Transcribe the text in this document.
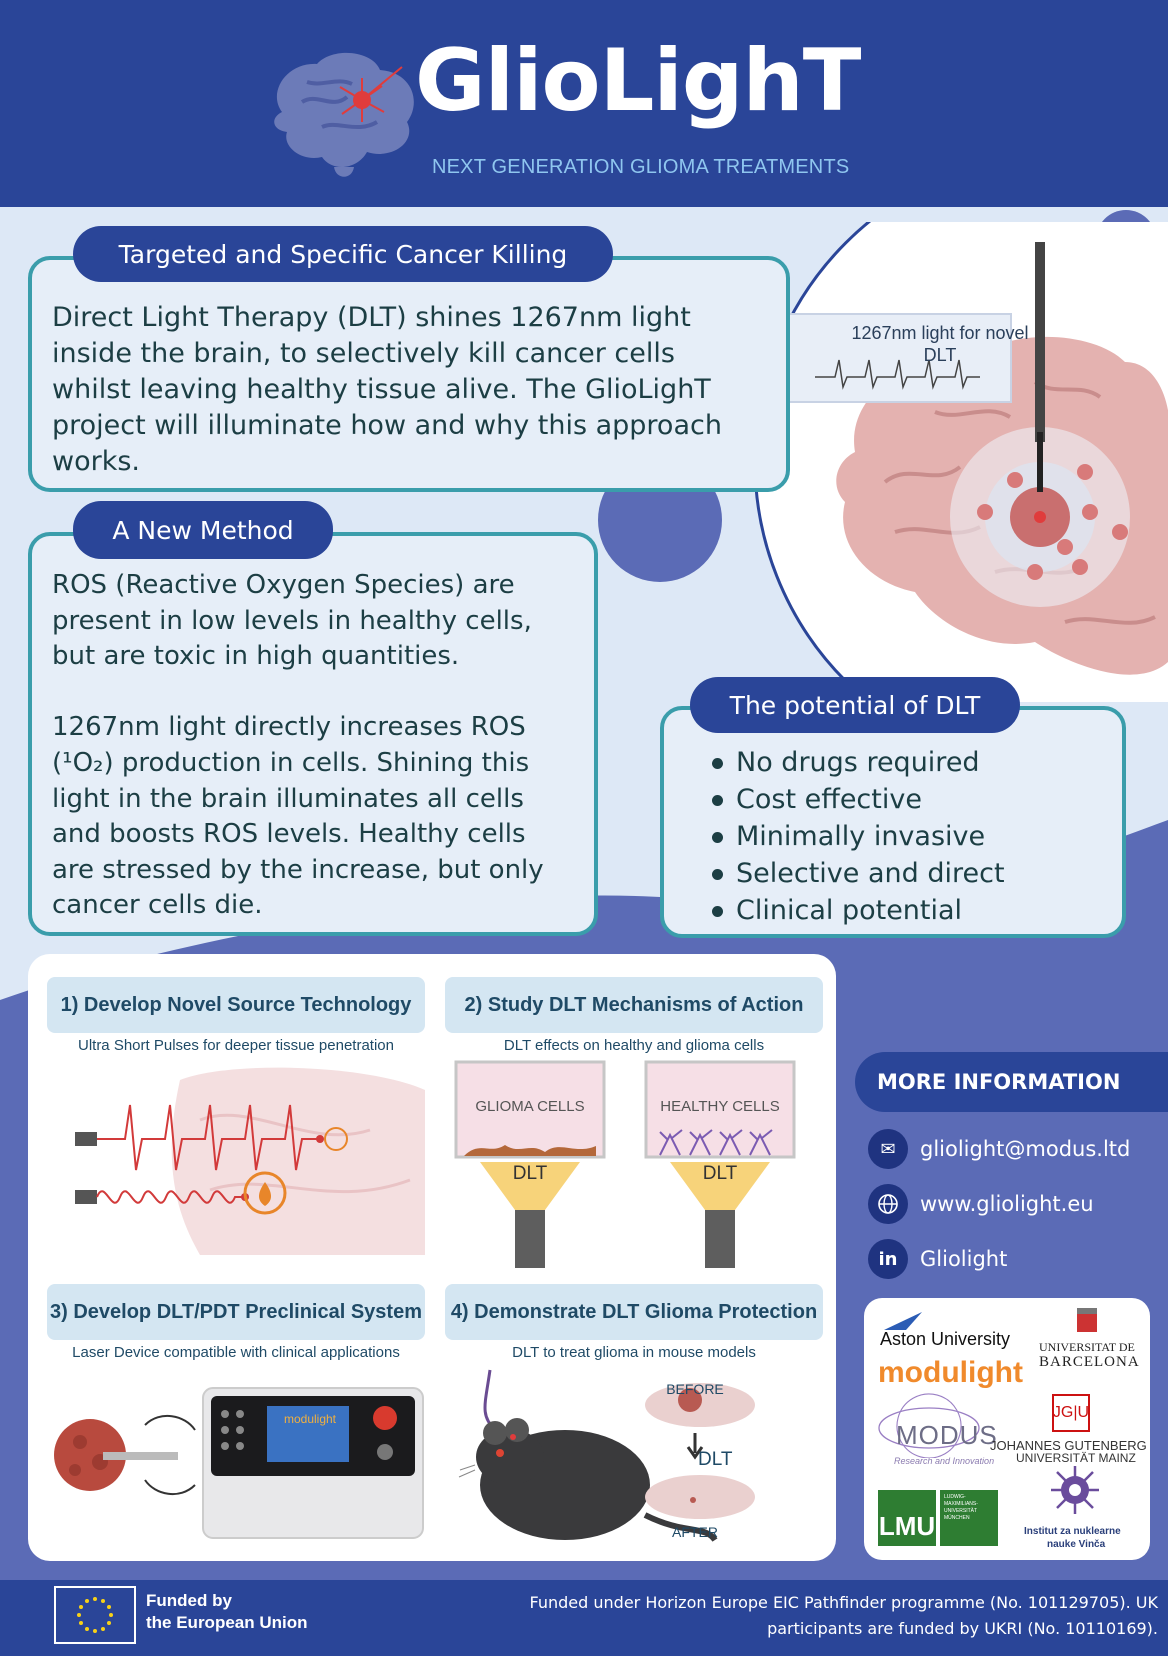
GlioLighT
NEXT GENERATION GLIOMA TREATMENTS
1267nm light for novel DLT
Targeted and Specific Cancer Killing
Direct Light Therapy (DLT) shines 1267nm light
inside the brain, to selectively kill cancer cells
whilst leaving healthy tissue alive. The GlioLighT
project will illuminate how and why this approach
works.
A New Method
ROS (Reactive Oxygen Species) are
present in low levels in healthy cells,
but are toxic in high quantities.
1267nm light directly increases ROS
(¹O₂) production in cells. Shining this
light in the brain illuminates all cells
and boosts ROS levels. Healthy cells
are stressed by the increase, but only
cancer cells die.
The potential of DLT
No drugs required
Cost effective
Minimally invasive
Selective and direct
Clinical potential
1) Develop Novel Source Technology
Ultra Short Pulses for deeper tissue penetration
2) Study DLT Mechanisms of Action
DLT effects on healthy and glioma cells
GLIOMA CELLS	HEALTHY CELLS
DLT	DLT
3) Develop DLT/PDT Preclinical System
Laser Device compatible with clinical applications
modulight
4) Demonstrate DLT Glioma Protection
DLT to treat glioma in mouse models
BEFORE
DLT
AFTER
MORE INFORMATION
✉	gliolight@modus.ltd
www.gliolight.eu
in	Gliolight
Aston University
modulight
UNIVERSITAT DE
BARCELONA
MODUS
Research and Innovation
JG|U
JOHANNES GUTENBERG
UNIVERSITÄT MAINZ
LMU
LUDWIG-MAXIMILIANS-UNIVERSITÄT MÜNCHEN
Institut za nuklearne
nauke Vinča
Funded by
the European Union
Funded under Horizon Europe EIC Pathfinder programme (No. 101129705). UK
participants are funded by UKRI (No. 10110169).
